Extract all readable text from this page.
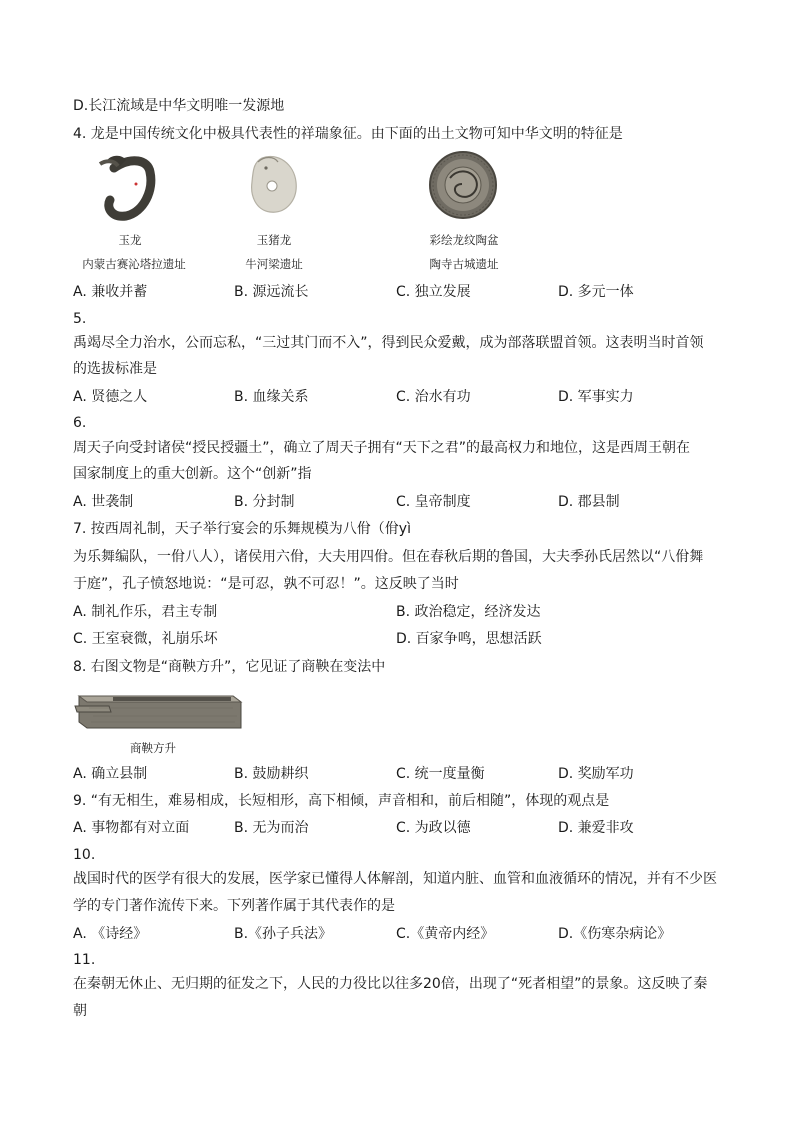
D.长江流域是中华文明唯一发源地
4. 龙是中国传统文化中极具代表性的祥瑞象征。由下面的出土文物可知中华文明的特征是
玉龙
内蒙古赛沁塔拉遗址
玉猪龙
牛河梁遗址
彩绘龙纹陶盆
陶寺古城遗址
A. 兼收并蓄	B. 源远流长	C. 独立发展	D. 多元一体
5.
禹竭尽全力治水，公而忘私，“三过其门而不入”，得到民众爱戴，成为部落联盟首领。这表明当时首领
的选拔标准是
A. 贤德之人	B. 血缘关系	C. 治水有功	D. 军事实力
6.
周天子向受封诸侯“授民授疆土”，确立了周天子拥有“天下之君”的最高权力和地位，这是西周王朝在
国家制度上的重大创新。这个“创新”指
A. 世袭制	B. 分封制	C. 皇帝制度	D. 郡县制
7. 按西周礼制，天子举行宴会的乐舞规模为八佾（佾yì
为乐舞编队，一佾八人），诸侯用六佾，大夫用四佾。但在春秋后期的鲁国，大夫季孙氏居然以“八佾舞
于庭”，孔子愤怒地说：“是可忍，孰不可忍！”。这反映了当时
A. 制礼作乐，君主专制	B. 政治稳定，经济发达
C. 王室衰微，礼崩乐坏	D. 百家争鸣，思想活跃
8. 右图文物是“商鞅方升”，它见证了商鞅在变法中
商鞅方升
A. 确立县制	B. 鼓励耕织	C. 统一度量衡	D. 奖励军功
9. “有无相生，难易相成，长短相形，高下相倾，声音相和，前后相随”，体现的观点是
A. 事物都有对立面	B. 无为而治	C. 为政以德	D. 兼爱非攻
10.
战国时代的医学有很大的发展，医学家已懂得人体解剖，知道内脏、血管和血液循环的情况，并有不少医
学的专门著作流传下来。下列著作属于其代表作的是
A. 《诗经》	B.《孙子兵法》	C.《黄帝内经》	D.《伤寒杂病论》
11.
在秦朝无休止、无归期的征发之下，人民的力役比以往多20倍，出现了“死者相望”的景象。这反映了秦
朝
